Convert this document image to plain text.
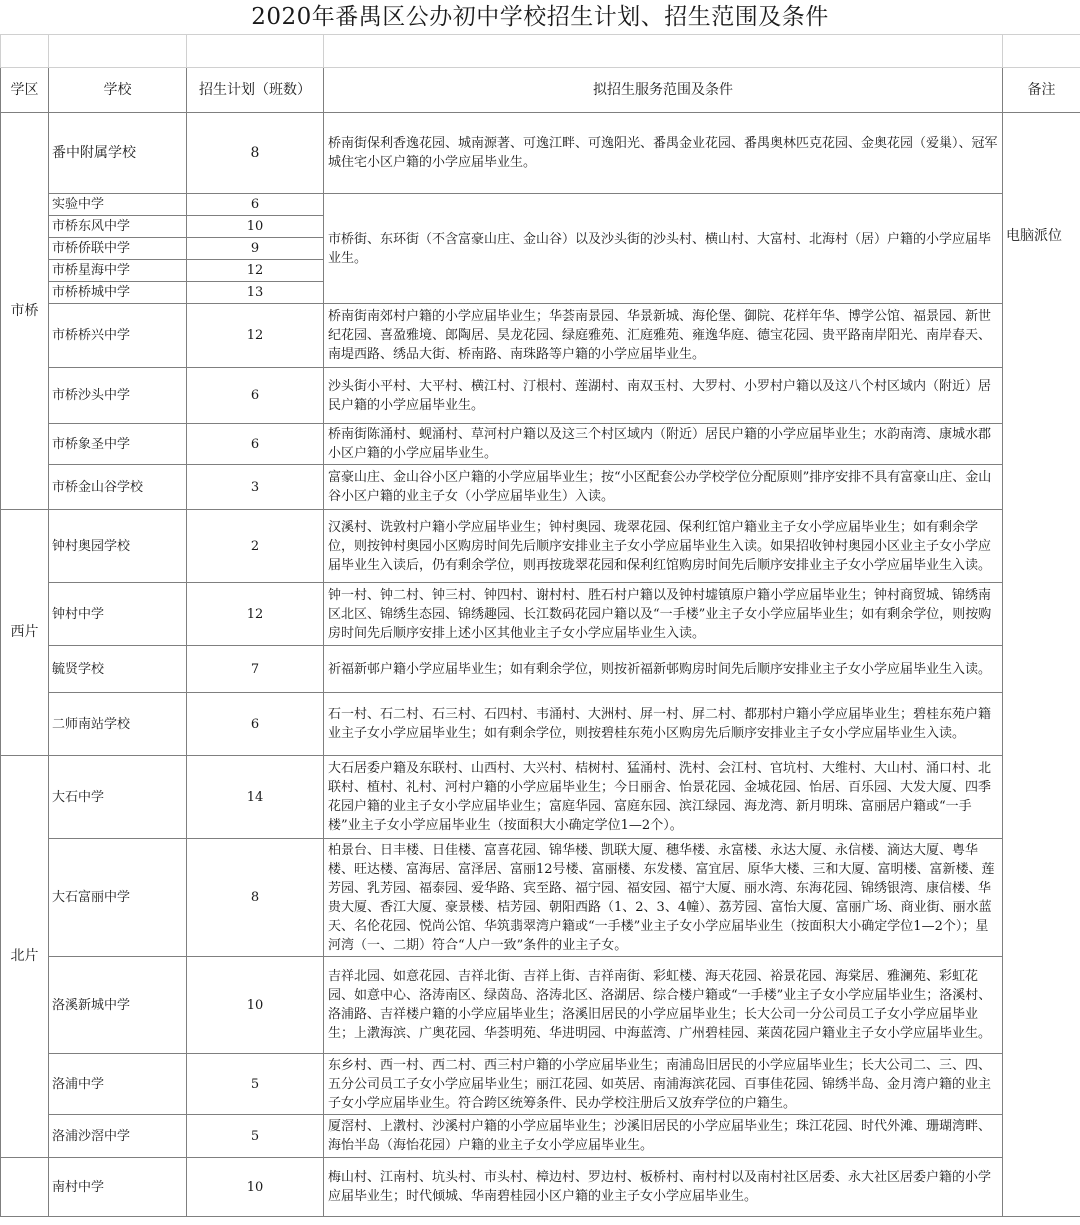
2020年番禺区公办初中学校招生计划、招生范围及条件

学区	学校	招生计划（班数）	拟招生服务范围及条件	备注
市桥	番中附属学校	8	桥南街保利香逸花园、城南源著、可逸江畔、可逸阳光、番禺金业花园、番禺奥林匹克花园、金奥花园（爱巢）、冠军城住宅小区户籍的小学应届毕业生。	电脑派位
	实验中学	6	市桥街、东环街（不含富豪山庄、金山谷）以及沙头街的沙头村、横山村、大富村、北海村（居）户籍的小学应届毕业生。	

	市桥东风中学	10		
	市桥侨联中学	9		
	市桥星海中学	12		
	市桥桥城中学	13		
	市桥桥兴中学	12	桥南街南郊村户籍的小学应届毕业生；华荟南景园、华景新城、海伦堡、御院、花样年华、博学公馆、福景园、新世纪花园、喜盈雅境、郎陶居、昊龙花园、绿庭雅苑、汇庭雅苑、雍逸华庭、德宝花园、贵平路南岸阳光、南岸春天、南堤西路、绣品大街、桥南路、南珠路等户籍的小学应届毕业生。	

	市桥沙头中学	6	沙头街小平村、大平村、横江村、汀根村、莲湖村、南双玉村、大罗村、小罗村户籍以及这八个村区域内（附近）居民户籍的小学应届毕业生。	

	市桥象圣中学	6	桥南街陈涌村、蚬涌村、草河村户籍以及这三个村区域内（附近）居民户籍的小学应届毕业生；水韵南湾、康城水郡小区户籍的小学应届毕业生。	

	市桥金山谷学校	3	富豪山庄、金山谷小区户籍的小学应届毕业生；按“小区配套公办学校学位分配原则”排序安排不具有富豪山庄、金山谷小区户籍的业主子女（小学应届毕业生）入读。	

西片	钟村奥园学校	2	汉溪村、诜敦村户籍小学应届毕业生；钟村奥园、珑翠花园、保利红馆户籍业主子女小学应届毕业生；如有剩余学位，则按钟村奥园小区购房时间先后顺序安排业主子女小学应届毕业生入读。如果招收钟村奥园小区业主子女小学应届毕业生入读后，仍有剩余学位，则再按珑翠花园和保利红馆购房时间先后顺序安排业主子女小学应届毕业生入读。	

	钟村中学	12	钟一村、钟二村、钟三村、钟四村、谢村村、胜石村户籍以及钟村墟镇原户籍小学应届毕业生；钟村商贸城、锦绣南区北区、锦绣生态园、锦绣趣园、长江数码花园户籍以及“一手楼”业主子女小学应届毕业生；如有剩余学位，则按购房时间先后顺序安排上述小区其他业主子女小学应届毕业生入读。	

	毓贤学校	7	祈福新邨户籍小学应届毕业生；如有剩余学位，则按祈福新邨购房时间先后顺序安排业主子女小学应届毕业生入读。	

	二师南站学校	6	石一村、石二村、石三村、石四村、韦涌村、大洲村、屏一村、屏二村、都那村户籍小学应届毕业生；碧桂东苑户籍业主子女小学应届毕业生；如有剩余学位，则按碧桂东苑小区购房先后顺序安排业主子女小学应届毕业生入读。	

北片	大石中学	14	大石居委户籍及东联村、山西村、大兴村、桔树村、猛涌村、洗村、会江村、官坑村、大维村、大山村、涌口村、北联村、植村、礼村、河村户籍的小学应届毕业生；今日丽舍、怡景花园、金城花园、怡居、百乐园、大发大厦、四季花园户籍的业主子女小学应届毕业生；富庭华园、富庭东园、滨江绿园、海龙湾、新月明珠、富丽居户籍或“一手楼”业主子女小学应届毕业生（按面积大小确定学位1—2个）。	

	大石富丽中学	8	柏景台、日丰楼、日佳楼、富喜花园、锦华楼、凯联大厦、穗华楼、永富楼、永达大厦、永信楼、滴达大厦、粤华楼、旺达楼、富海居、富泽居、富丽12号楼、富丽楼、东发楼、富宜居、原华大楼、三和大厦、富明楼、富新楼、莲芳园、乳芳园、福泰园、爱华路、宾至路、福宁园、福安园、福宁大厦、丽水湾、东海花园、锦绣银湾、康信楼、华贵大厦、香江大厦、豪景楼、桔芳园、朝阳西路（1、2、3、4幢）、荔芳园、富怡大厦、富丽广场、商业街、丽水蓝天、名伦花园、悦尚公馆、华筑翡翠湾户籍或“一手楼”业主子女小学应届毕业生（按面积大小确定学位1—2个）；星河湾（一、二期）符合“人户一致”条件的业主子女。	

	洛溪新城中学	10	吉祥北园、如意花园、吉祥北街、吉祥上街、吉祥南街、彩虹楼、海天花园、裕景花园、海棠居、雅澜苑、彩虹花园、如意中心、洛涛南区、绿茵岛、洛涛北区、洛湖居、综合楼户籍或“一手楼”业主子女小学应届毕业生；洛溪村、洛浦路、吉祥楼户籍的小学应届毕业生；洛溪旧居民的小学应届毕业生；长大公司一分公司员工子女小学应届毕业生；上漖海滨、广奥花园、华荟明苑、华进明园、中海蓝湾、广州碧桂园、莱茵花园户籍业主子女小学应届毕业生。	

	洛浦中学	5	东乡村、西一村、西二村、西三村户籍的小学应届毕业生；南浦岛旧居民的小学应届毕业生；长大公司二、三、四、五分公司员工子女小学应届毕业生；丽江花园、如英居、南浦海滨花园、百事佳花园、锦绣半岛、金月湾户籍的业主子女小学应届毕业生。符合跨区统筹条件、民办学校注册后又放弃学位的户籍生。	

	洛浦沙滘中学	5	厦滘村、上漖村、沙溪村户籍的小学应届毕业生；沙溪旧居民的小学应届毕业生；珠江花园、时代外滩、珊瑚湾畔、海怡半岛（海怡花园）户籍的业主子女小学应届毕业生。	

	南村中学	10	梅山村、江南村、坑头村、市头村、樟边村、罗边村、板桥村、南村村以及南村社区居委、永大社区居委户籍的小学应届毕业生；时代倾城、华南碧桂园小区户籍的业主子女小学应届毕业生。	
